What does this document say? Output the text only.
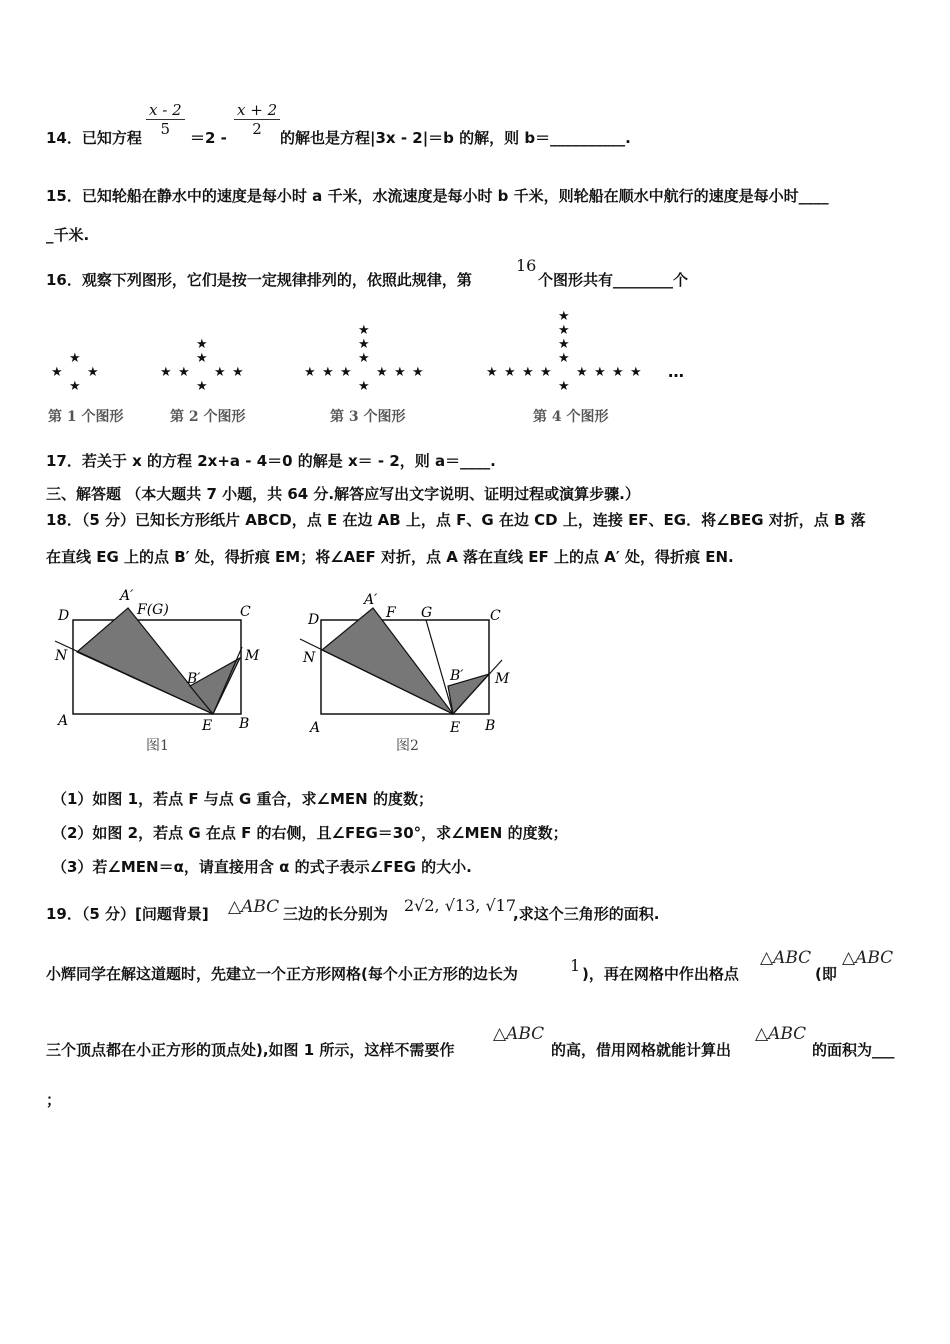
14．已知方程 $\frac{x - 2}{5} =2 - \frac{x + 2}{2}$ 的解也是方程|3x - 2|＝b 的解，则 b＝__________.
15．已知轮船在静水中的速度是每小时 a 千米，水流速度是每小时 b 千米，则轮船在顺水中航行的速度是每小时____
_千米.
16．观察下列图形，它们是按一定规律排列的，依照此规律，第
16
个图形共有________个
★ ★
★
★
★ ★
★
★	★
★
★
★ ★
★
★	★
★
★	★
★
★
★ ★
★
★	★
★
★	★
★
★	★
★
★
第 1 个图形	第 2 个图形	第 3 个图形	第 4 个图形
…
17．若关于 x 的方程 2x+a - 4＝0 的解是 x＝ - 2，则 a＝____.
三、解答题 （本大题共 7 小题，共 64 分.解答应写出文字说明、证明过程或演算步骤.）
18．（5 分）已知长方形纸片 ABCD，点 E 在边 AB 上，点 F、G 在边 CD 上，连接 EF、EG．将∠BEG 对折，点 B 落
在直线 EG 上的点 B′ 处，得折痕 EM；将∠AEF 对折，点 A 落在直线 EF 上的点 A′ 处，得折痕 EN.
A	B
C
D
E
F(G)
M
N
A′
B′
图1
A	B
C
D
E
F G
M
N
A′
B′
图2
（1）如图 1，若点 F 与点 G 重合，求∠MEN 的度数；
（2）如图 2，若点 G 在点 F 的右侧，且∠FEG＝30°，求∠MEN 的度数；
（3）若∠MEN＝α，请直接用含 α 的式子表示∠FEG 的大小.
19．（5 分）[问题背景] △ABC 三边的长分别为 2√2, √13, √17
,求这个三角形的面积.
小辉同学在解这道题时，先建立一个正方形网格(每个小正方形的边长为	1 )，再在网格中作出格点
△ABC
(即
△ABC
三个顶点都在小正方形的顶点处),如图 1 所示，这样不需要作
△ABC
的高，借用网格就能计算出
△ABC
的面积为___
；
